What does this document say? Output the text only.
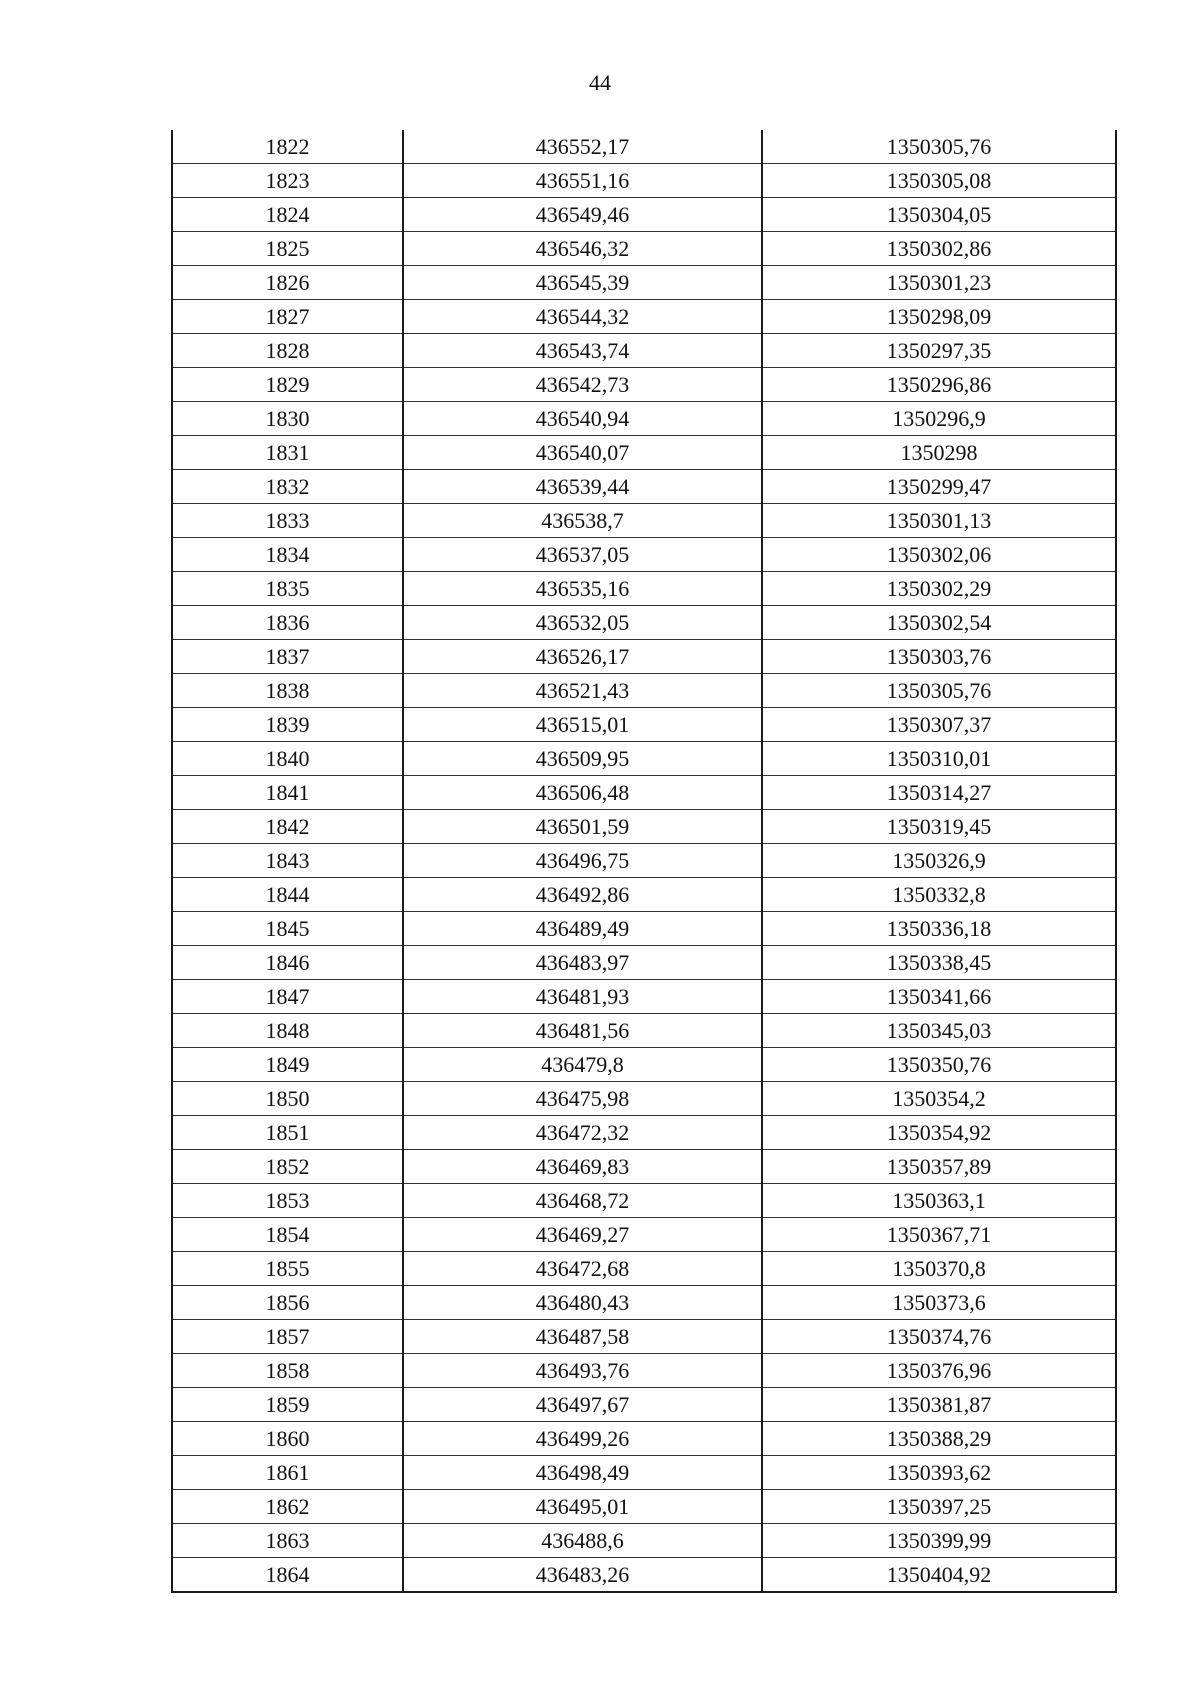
44
1822	436552,17	1350305,76
1823	436551,16	1350305,08
1824	436549,46	1350304,05
1825	436546,32	1350302,86
1826	436545,39	1350301,23
1827	436544,32	1350298,09
1828	436543,74	1350297,35
1829	436542,73	1350296,86
1830	436540,94	1350296,9
1831	436540,07	1350298
1832	436539,44	1350299,47
1833	436538,7	1350301,13
1834	436537,05	1350302,06
1835	436535,16	1350302,29
1836	436532,05	1350302,54
1837	436526,17	1350303,76
1838	436521,43	1350305,76
1839	436515,01	1350307,37
1840	436509,95	1350310,01
1841	436506,48	1350314,27
1842	436501,59	1350319,45
1843	436496,75	1350326,9
1844	436492,86	1350332,8
1845	436489,49	1350336,18
1846	436483,97	1350338,45
1847	436481,93	1350341,66
1848	436481,56	1350345,03
1849	436479,8	1350350,76
1850	436475,98	1350354,2
1851	436472,32	1350354,92
1852	436469,83	1350357,89
1853	436468,72	1350363,1
1854	436469,27	1350367,71
1855	436472,68	1350370,8
1856	436480,43	1350373,6
1857	436487,58	1350374,76
1858	436493,76	1350376,96
1859	436497,67	1350381,87
1860	436499,26	1350388,29
1861	436498,49	1350393,62
1862	436495,01	1350397,25
1863	436488,6	1350399,99
1864	436483,26	1350404,92
